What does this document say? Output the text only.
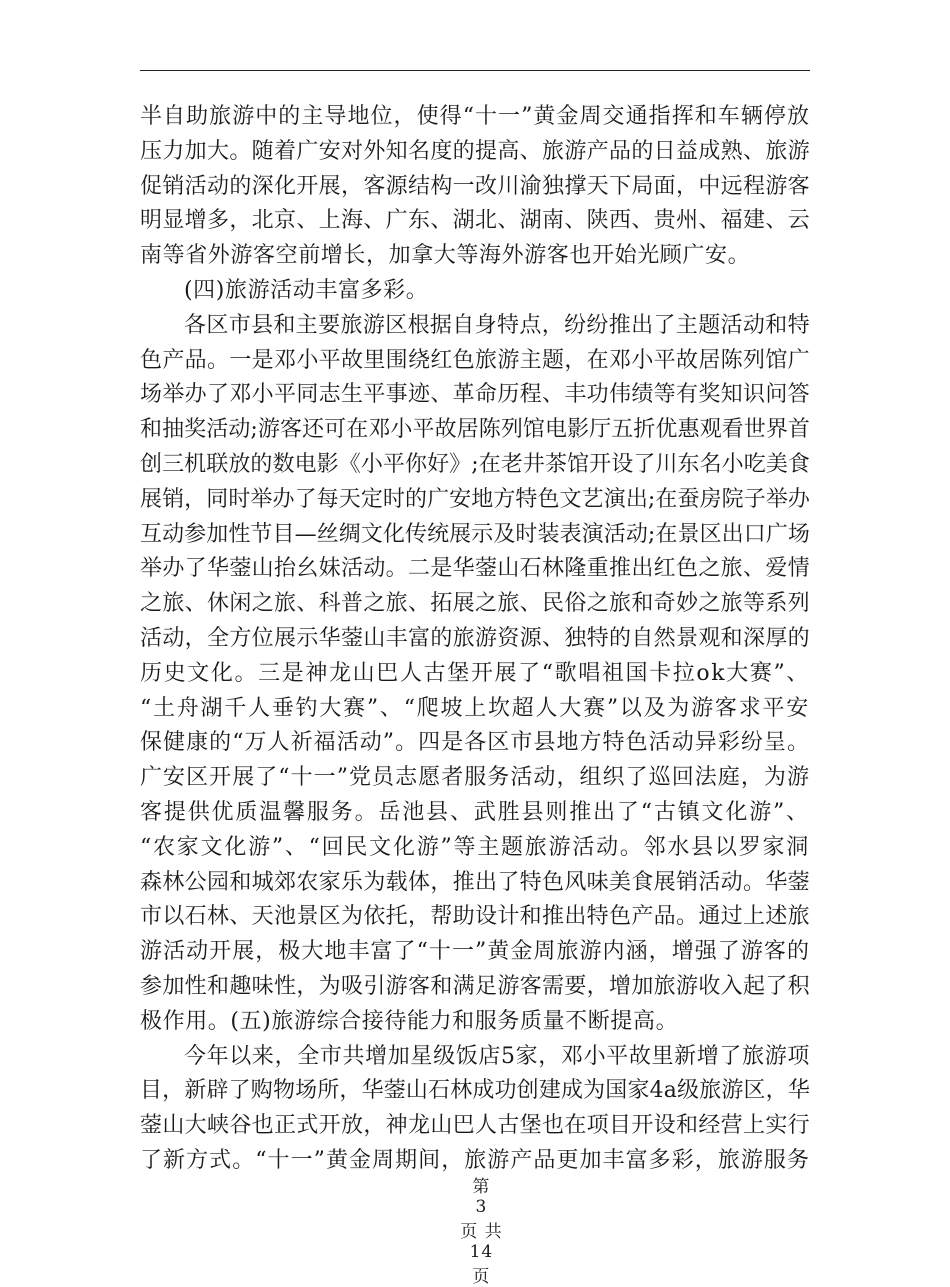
半自助旅游中的主导地位，使得“十一”黄金周交通指挥和车辆停放
压力加大。随着广安对外知名度的提高、旅游产品的日益成熟、旅游
促销活动的深化开展，客源结构一改川渝独撑天下局面，中远程游客
明显增多，北京、上海、广东、湖北、湖南、陕西、贵州、福建、云
南等省外游客空前增长，加拿大等海外游客也开始光顾广安。
(四)旅游活动丰富多彩。
各区市县和主要旅游区根据自身特点，纷纷推出了主题活动和特
色产品。一是邓小平故里围绕红色旅游主题，在邓小平故居陈列馆广
场举办了邓小平同志生平事迹、革命历程、丰功伟绩等有奖知识问答
和抽奖活动;游客还可在邓小平故居陈列馆电影厅五折优惠观看世界首
创三机联放的数电影《小平你好》;在老井茶馆开设了川东名小吃美食
展销，同时举办了每天定时的广安地方特色文艺演出;在蚕房院子举办
互动参加性节目—丝绸文化传统展示及时装表演活动;在景区出口广场
举办了华蓥山抬幺妹活动。二是华蓥山石林隆重推出红色之旅、爱情
之旅、休闲之旅、科普之旅、拓展之旅、民俗之旅和奇妙之旅等系列
活动，全方位展示华蓥山丰富的旅游资源、独特的自然景观和深厚的
历史文化。三是神龙山巴人古堡开展了“歌唱祖国卡拉ok大赛”、
“土舟湖千人垂钓大赛”、“爬坡上坎超人大赛”以及为游客求平安
保健康的“万人祈福活动”。四是各区市县地方特色活动异彩纷呈。
广安区开展了“十一”党员志愿者服务活动，组织了巡回法庭，为游
客提供优质温馨服务。岳池县、武胜县则推出了“古镇文化游”、
“农家文化游”、“回民文化游”等主题旅游活动。邻水县以罗家洞
森林公园和城郊农家乐为载体，推出了特色风味美食展销活动。华蓥
市以石林、天池景区为依托，帮助设计和推出特色产品。通过上述旅
游活动开展，极大地丰富了“十一”黄金周旅游内涵，增强了游客的
参加性和趣味性，为吸引游客和满足游客需要，增加旅游收入起了积
极作用。(五)旅游综合接待能力和服务质量不断提高。
今年以来，全市共增加星级饭店5家，邓小平故里新增了旅游项
目，新辟了购物场所，华蓥山石林成功创建成为国家4a级旅游区，华
蓥山大峡谷也正式开放，神龙山巴人古堡也在项目开设和经营上实行
了新方式。“十一”黄金周期间，旅游产品更加丰富多彩，旅游服务

第
3
页 共
14
页
